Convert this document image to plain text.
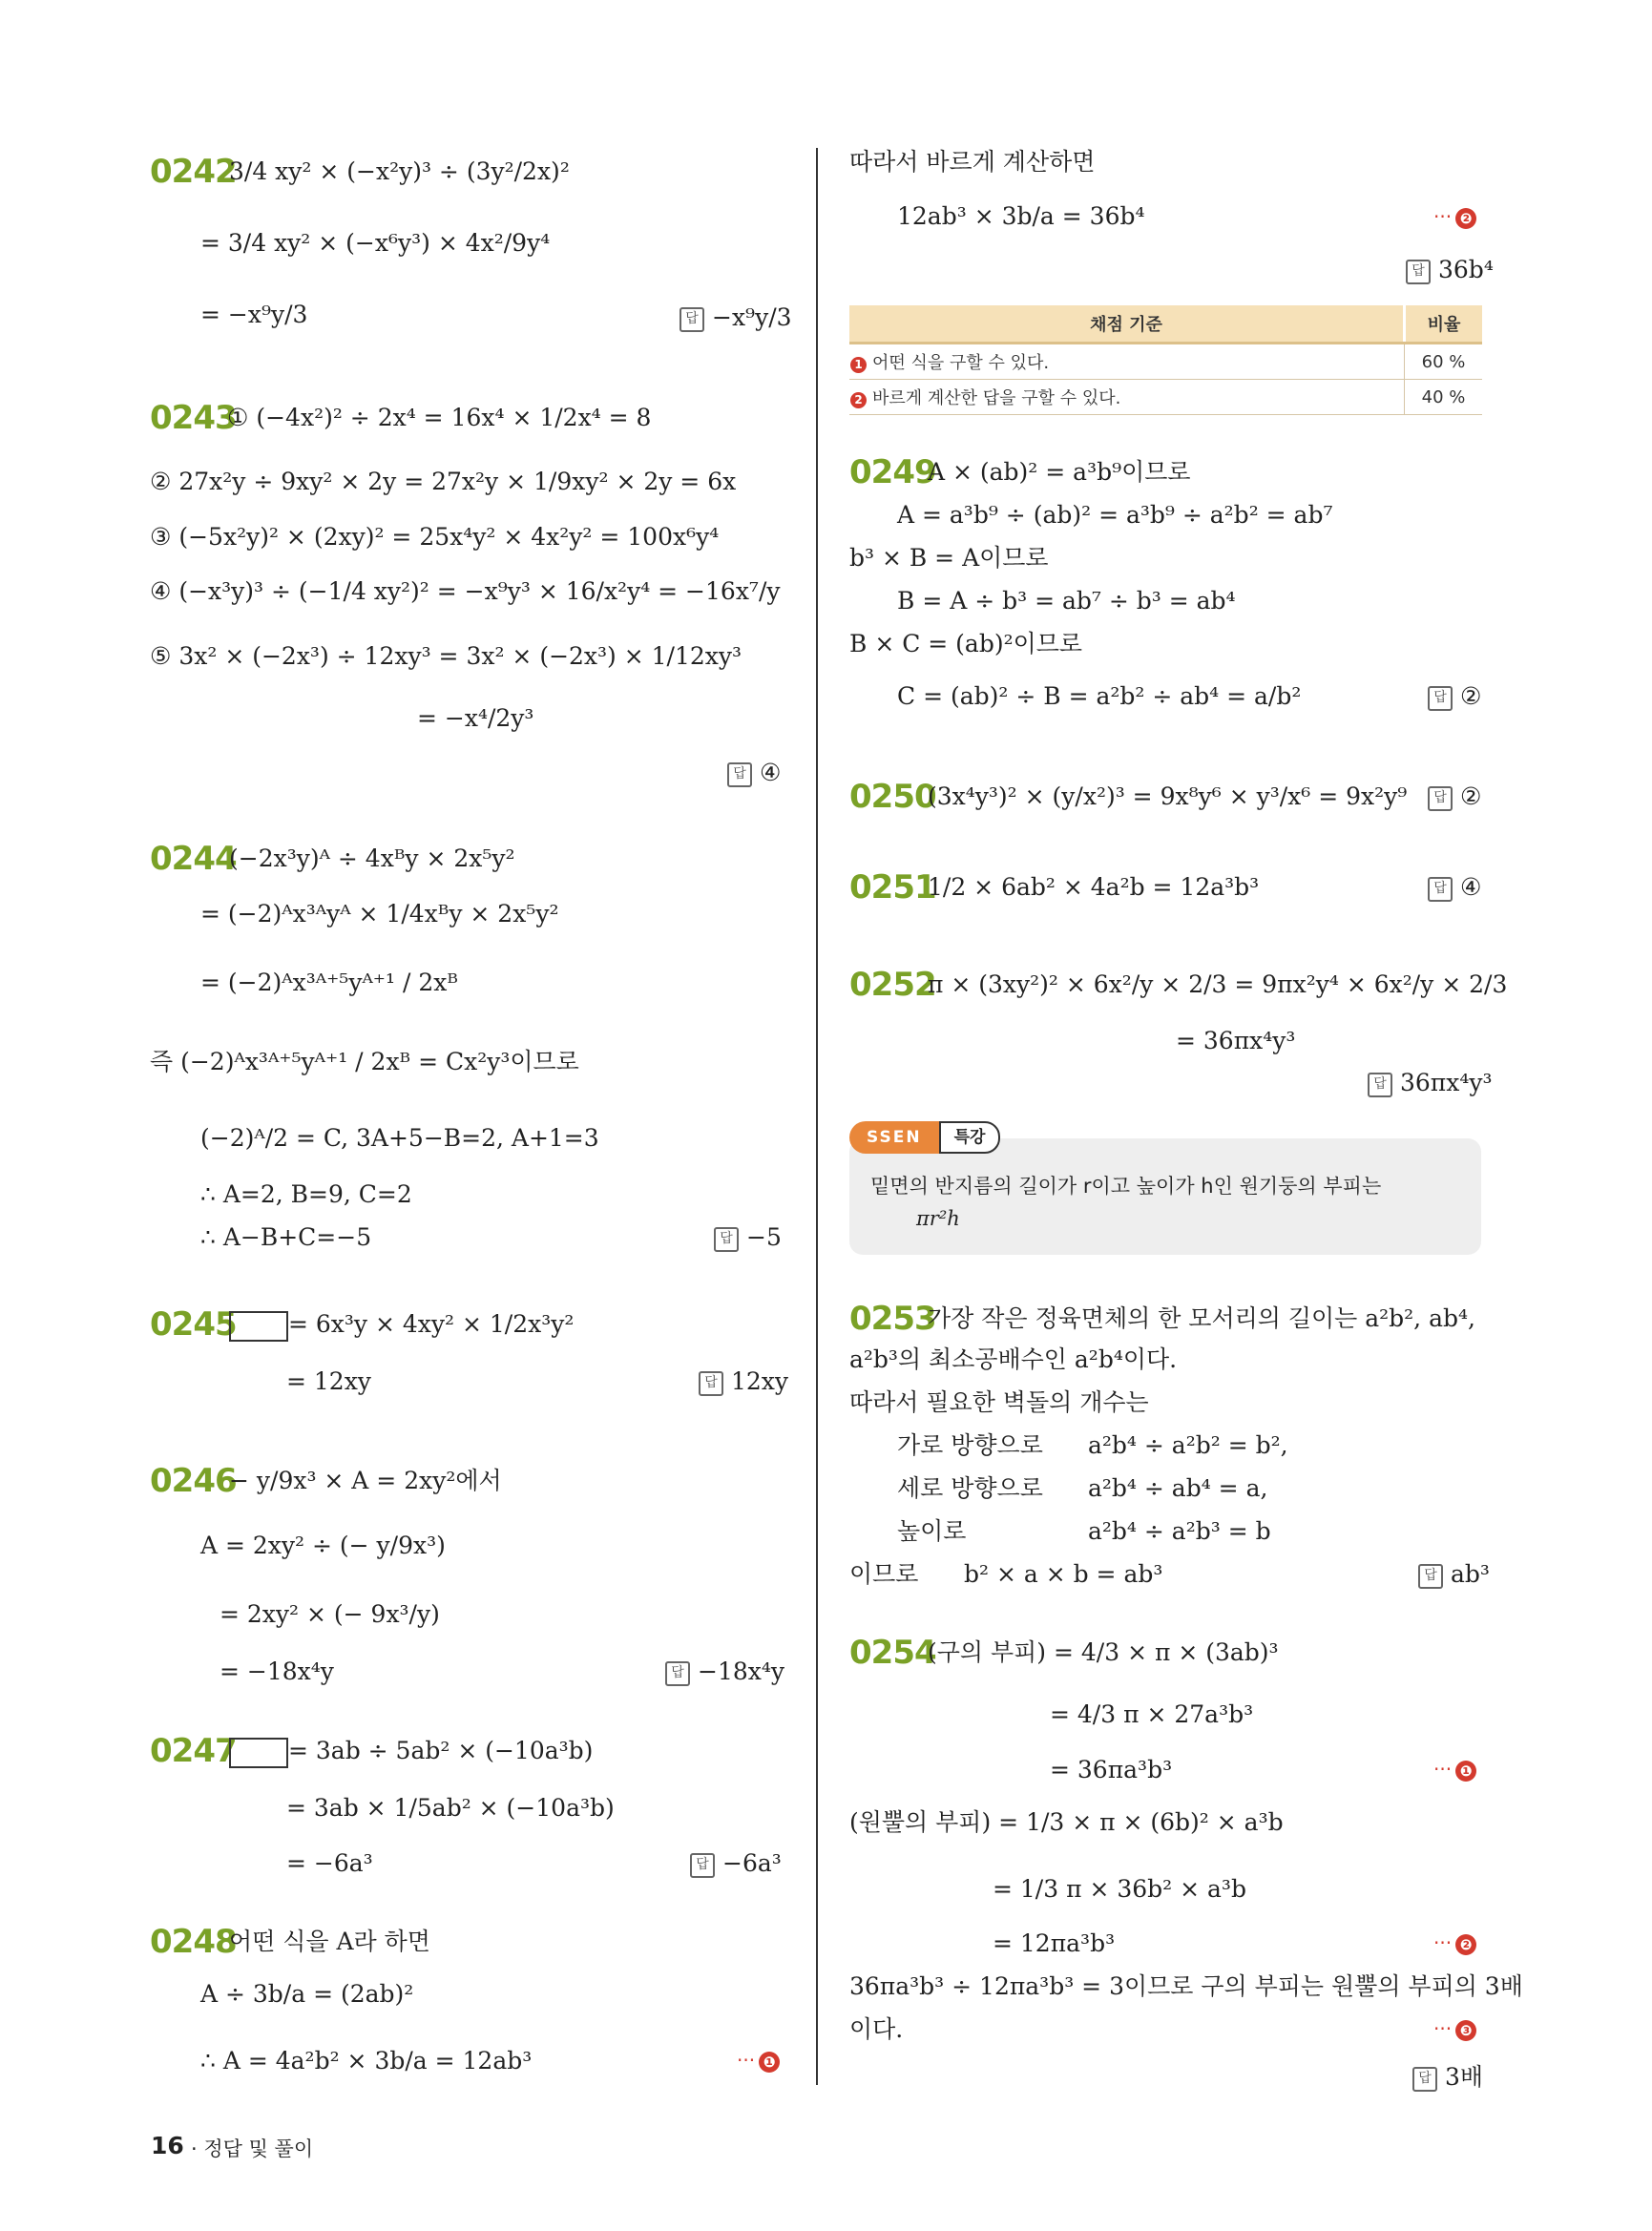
0242
3/4 xy² × (−x²y)³ ÷ (3y²/2x)²
= 3/4 xy² × (−x⁶y³) × 4x²/9y⁴
= −x⁹y/3	답 −x⁹y/3
0243
① (−4x²)² ÷ 2x⁴ = 16x⁴ × 1/2x⁴ = 8
② 27x²y ÷ 9xy² × 2y = 27x²y × 1/9xy² × 2y = 6x
③ (−5x²y)² × (2xy)² = 25x⁴y² × 4x²y² = 100x⁶y⁴
④ (−x³y)³ ÷ (−1/4 xy²)² = −x⁹y³ × 16/x²y⁴ = −16x⁷/y
⑤ 3x² × (−2x³) ÷ 12xy³ = 3x² × (−2x³) × 1/12xy³
= −x⁴/2y³
답 ④
0244
(−2x³y)ᴬ ÷ 4xᴮy × 2x⁵y²
= (−2)ᴬx³ᴬyᴬ × 1/4xᴮy × 2x⁵y²
= (−2)ᴬx³ᴬ⁺⁵yᴬ⁺¹ / 2xᴮ
즉 (−2)ᴬx³ᴬ⁺⁵yᴬ⁺¹ / 2xᴮ = Cx²y³이므로
(−2)ᴬ/2 = C, 3A+5−B=2, A+1=3
∴ A=2, B=9, C=2
∴ A−B+C=−5	답 −5
0245	= 6x³y × 4xy² × 1/2x³y²
= 12xy	답 12xy
0246
− y/9x³ × A = 2xy²에서
A = 2xy² ÷ (− y/9x³)
= 2xy² × (− 9x³/y)
= −18x⁴y	답 −18x⁴y
0247	= 3ab ÷ 5ab² × (−10a³b)
= 3ab × 1/5ab² × (−10a³b)
= −6a³	답 −6a³
0248
어떤 식을 A라 하면
A ÷ 3b/a = (2ab)²
∴ A = 4a²b² × 3b/a = 12ab³	··· ❶
따라서 바르게 계산하면
12ab³ × 3b/a = 36b⁴	··· ❷
답 36b⁴
채점 기준	비율
1 어떤 식을 구할 수 있다.	60 %
2 바르게 계산한 답을 구할 수 있다.	40 %
0249
A × (ab)² = a³b⁹이므로
A = a³b⁹ ÷ (ab)² = a³b⁹ ÷ a²b² = ab⁷
b³ × B = A이므로
B = A ÷ b³ = ab⁷ ÷ b³ = ab⁴
B × C = (ab)²이므로
C = (ab)² ÷ B = a²b² ÷ ab⁴ = a/b²	답 ②
0250
(3x⁴y³)² × (y/x²)³ = 9x⁸y⁶ × y³/x⁶ = 9x²y⁹	답 ②
0251
1/2 × 6ab² × 4a²b = 12a³b³	답 ④
0252
π × (3xy²)² × 6x²/y × 2/3 = 9πx²y⁴ × 6x²/y × 2/3
= 36πx⁴y³
답 36πx⁴y³
SSEN	특강
밑면의 반지름의 길이가 r이고 높이가 h인 원기둥의 부피는
πr²h
0253
가장 작은 정육면체의 한 모서리의 길이는 a²b², ab⁴,
a²b³의 최소공배수인 a²b⁴이다.
따라서 필요한 벽돌의 개수는
가로 방향으로 a²b⁴ ÷ a²b² = b²,
세로 방향으로 a²b⁴ ÷ ab⁴ = a,
높이로	a²b⁴ ÷ a²b³ = b
이므로 b² × a × b = ab³	답 ab³
0254
(구의 부피) = 4/3 × π × (3ab)³
= 4/3 π × 27a³b³
= 36πa³b³	··· ❶
(원뿔의 부피) = 1/3 × π × (6b)² × a³b
= 1/3 π × 36b² × a³b
= 12πa³b³	··· ❷
36πa³b³ ÷ 12πa³b³ = 3이므로 구의 부피는 원뿔의 부피의 3배
이다.	··· ❸
답 3배
16 · 정답 및 풀이
